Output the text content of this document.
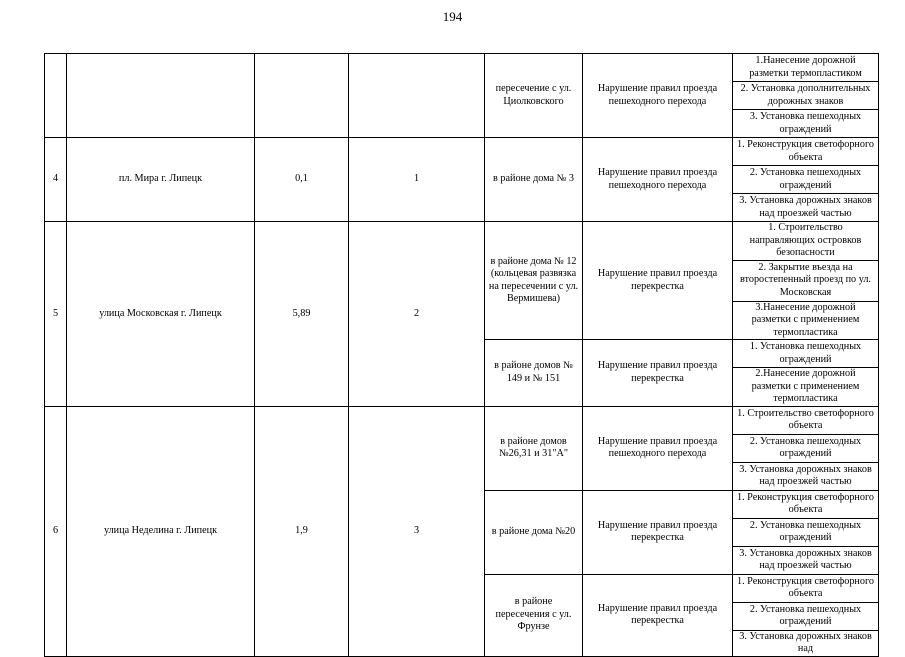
194
				пересечение с ул. Циолковского	Нарушение правил проезда пешеходного перехода	1.Нанесение дорожной разметки термопластиком
						2. Установка дополнительных дорожных знаков
						3. Установка пешеходных ограждений
4	пл. Мира г. Липецк	0,1	1	в районе дома № 3	Нарушение правил проезда пешеходного перехода	1. Реконструкция светофорного объекта
						2. Установка пешеходных ограждений
						3. Установка дорожных знаков над проезжей частью
5	улица Московская г. Липецк	5,89	2	в районе дома № 12 (кольцевая развязка на пересечении с ул. Вермишева)	Нарушение правил проезда перекрестка	1. Строительство направляющих островков безопасности
						2. Закрытие въезда на второстепенный проезд по ул. Московская
						3.Нанесение дорожной разметки с применением термопластика
				в районе домов № 149 и № 151	Нарушение правил проезда перекрестка	1. Установка пешеходных ограждений
						2.Нанесение дорожной разметки с применением термопластика
6	улица Неделина г. Липецк	1,9	3	в районе домов №26,31 и 31"А"	Нарушение правил проезда пешеходного перехода	1. Строительство светофорного объекта
						2. Установка пешеходных ограждений
						3. Установка дорожных знаков над проезжей частью
				в районе дома №20	Нарушение правил проезда перекрестка	1. Реконструкция светофорного объекта
						2. Установка пешеходных ограждений
						3. Установка дорожных знаков над проезжей частью
				в районе пересечения с ул. Фрунзе	Нарушение правил проезда перекрестка	1. Реконструкция светофорного объекта
						2. Установка пешеходных ограждений
						3. Установка дорожных знаков над
